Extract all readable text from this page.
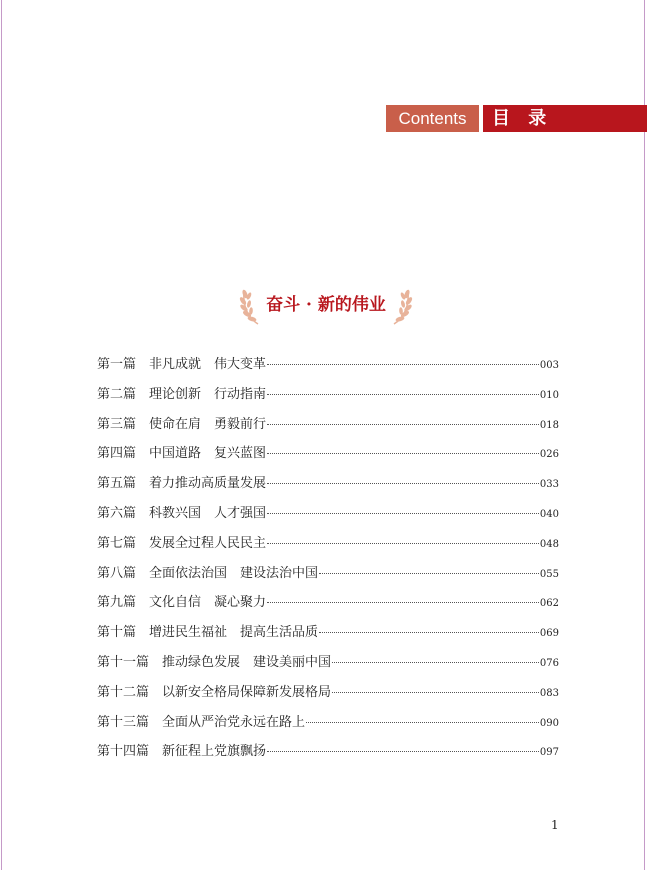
Contents	目 录
奋斗 · 新的伟业
第一篇　非凡成就　伟大变革	003
第二篇　理论创新　行动指南	010
第三篇　使命在肩　勇毅前行	018
第四篇　中国道路　复兴蓝图	026
第五篇　着力推动高质量发展	033
第六篇　科教兴国　人才强国	040
第七篇　发展全过程人民民主	048
第八篇　全面依法治国　建设法治中国	055
第九篇　文化自信　凝心聚力	062
第十篇　增进民生福祉　提高生活品质	069
第十一篇　推动绿色发展　建设美丽中国	076
第十二篇　以新安全格局保障新发展格局	083
第十三篇　全面从严治党永远在路上	090
第十四篇　新征程上党旗飘扬	097
1
